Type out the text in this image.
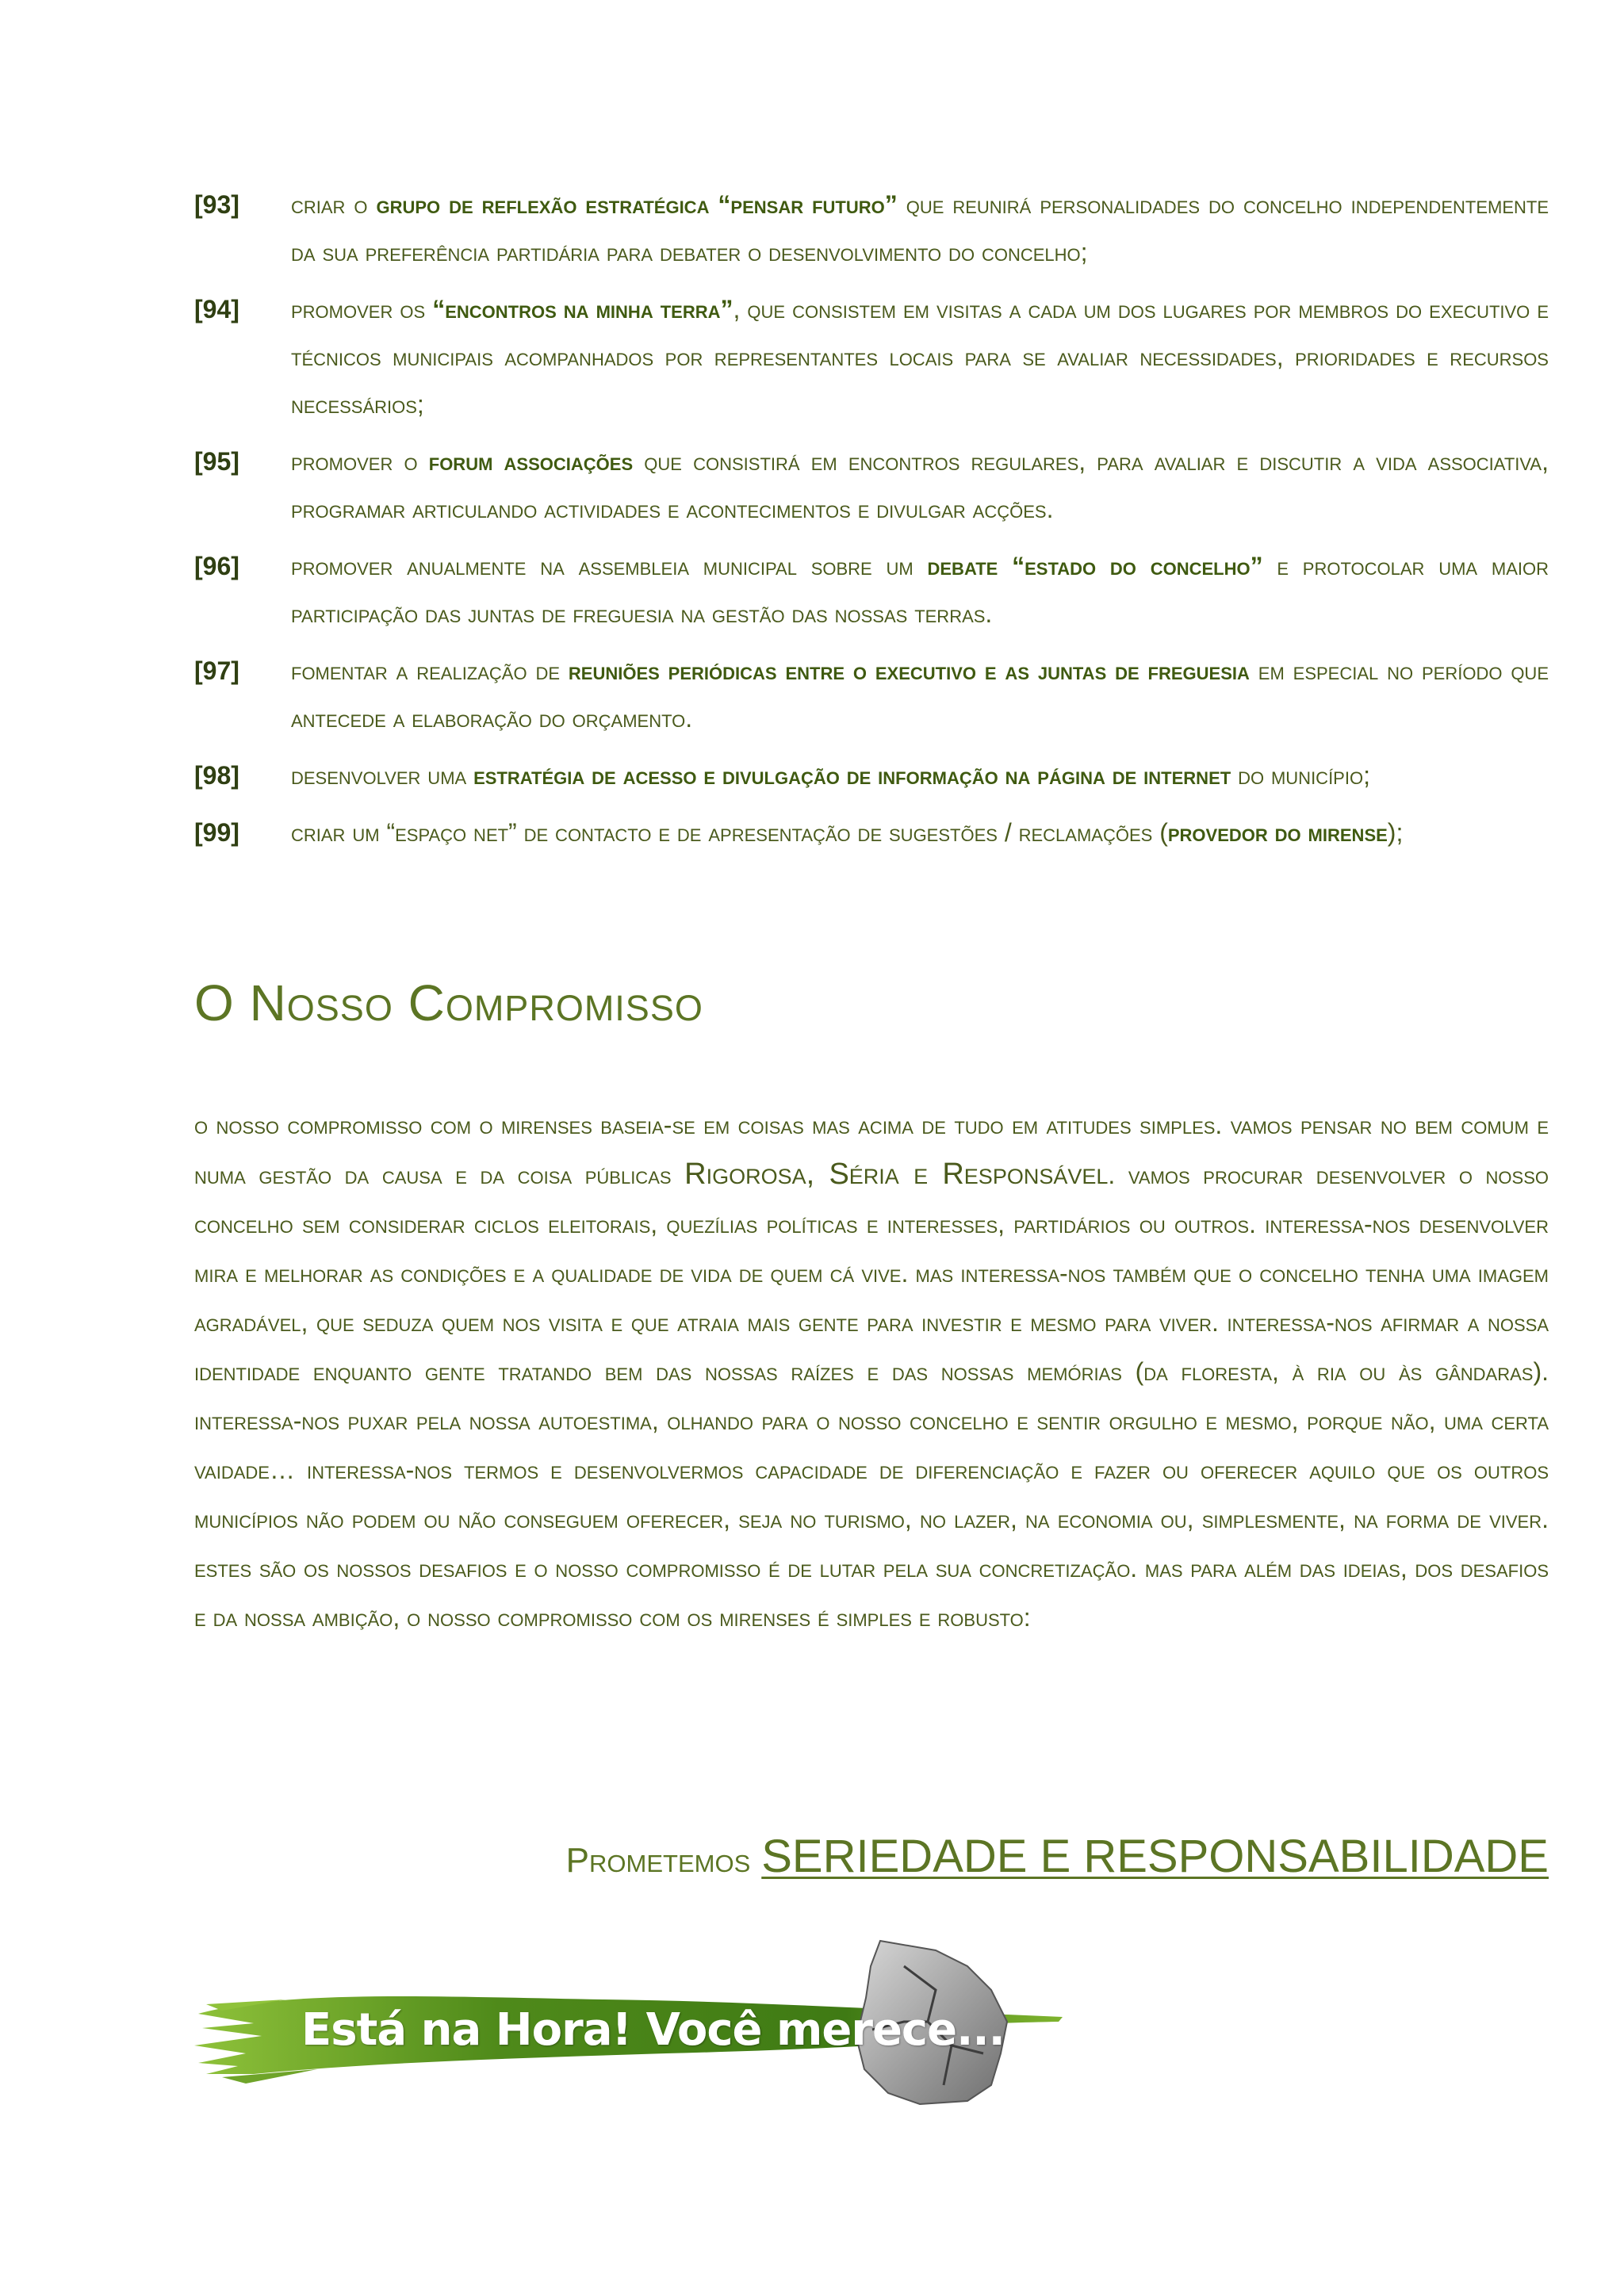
[93]	criar o grupo de reflexão estratégica “pensar futuro” que reunirá personalidades do concelho independentemente da sua preferência partidária para debater o desenvolvimento do concelho;
[94]	promover os “encontros na minha terra”, que consistem em visitas a cada um dos lugares por membros do executivo e técnicos municipais acompanhados por representantes locais para se avaliar necessidades, prioridades e recursos necessários;
[95]	promover o forum associações que consistirá em encontros regulares, para avaliar e discutir a vida associativa, programar articulando actividades e acontecimentos e divulgar acções.
[96]	promover anualmente na assembleia municipal sobre um debate “estado do concelho” e protocolar uma maior participação das juntas de freguesia na gestão das nossas terras.
[97]	fomentar a realização de reuniões periódicas entre o executivo e as juntas de freguesia em especial no período que antecede a elaboração do orçamento.
[98]	desenvolver uma estratégia de acesso e divulgação de informação na página de internet do município;
[99]	criar um “espaço net” de contacto e de apresentação de sugestões / reclamações (provedor do mirense);
O Nosso Compromisso
o nosso compromisso com o mirenses baseia-se em coisas mas acima de tudo em atitudes simples. vamos pensar no bem comum e numa gestão da causa e da coisa públicas Rigorosa, Séria e Responsável. vamos procurar desenvolver o nosso concelho sem considerar ciclos eleitorais, quezílias políticas e interesses, partidários ou outros. interessa-nos desenvolver mira e melhorar as condições e a qualidade de vida de quem cá vive. mas interessa-nos também que o concelho tenha uma imagem agradável, que seduza quem nos visita e que atraia mais gente para investir e mesmo para viver. interessa-nos afirmar a nossa identidade enquanto gente tratando bem das nossas raízes e das nossas memórias (da floresta, à ria ou às gândaras). interessa-nos puxar pela nossa autoestima, olhando para o nosso concelho e sentir orgulho e mesmo, porque não, uma certa vaidade… interessa-nos termos e desenvolvermos capacidade de diferenciação e fazer ou oferecer aquilo que os outros municípios não podem ou não conseguem oferecer, seja no turismo, no lazer, na economia ou, simplesmente, na forma de viver. estes são os nossos desafios e o nosso compromisso é de lutar pela sua concretização. mas para além das ideias, dos desafios e da nossa ambição, o nosso compromisso com os mirenses é simples e robusto:
Prometemos SERIEDADE E RESPONSABILIDADE
Está na Hora! Você merece...
